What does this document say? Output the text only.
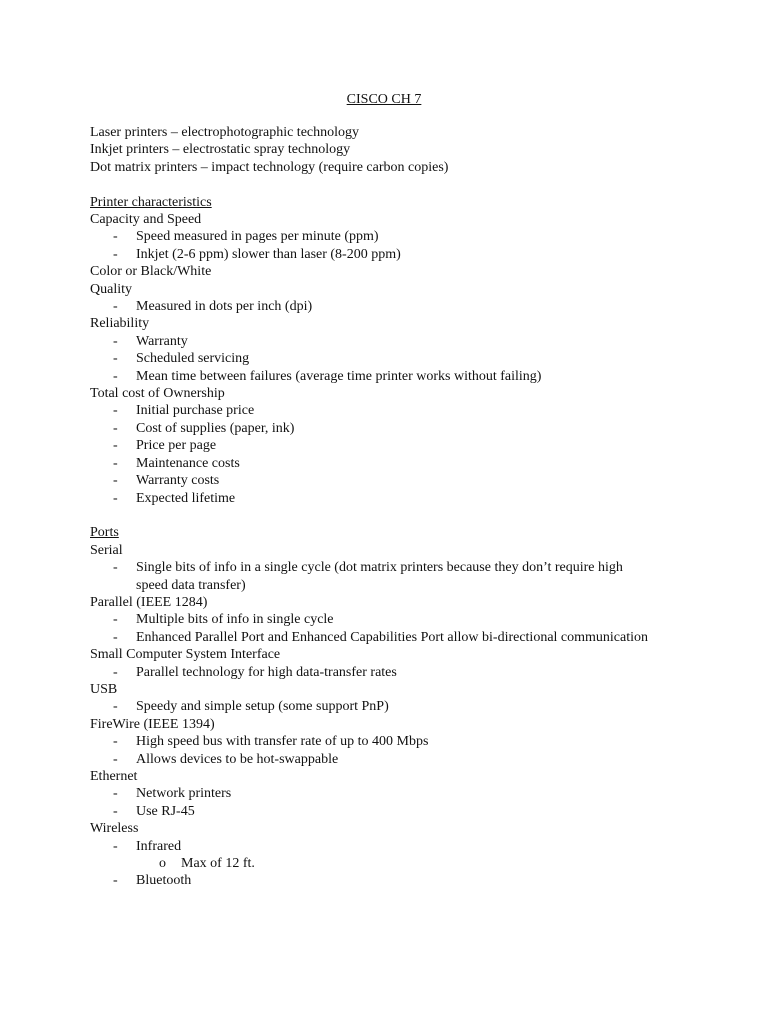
CISCO CH 7
Laser printers – electrophotographic technology
Inkjet printers – electrostatic spray technology
Dot matrix printers – impact technology (require carbon copies)
Printer characteristics
Capacity and Speed
- Speed measured in pages per minute (ppm)
- Inkjet (2-6 ppm) slower than laser (8-200 ppm)
Color or Black/White
Quality
- Measured in dots per inch (dpi)
Reliability
- Warranty
- Scheduled servicing
- Mean time between failures (average time printer works without failing)
Total cost of Ownership
- Initial purchase price
- Cost of supplies (paper, ink)
- Price per page
- Maintenance costs
- Warranty costs
- Expected lifetime
Ports
Serial
- Single bits of info in a single cycle (dot matrix printers because they don’t require high speed data transfer)
Parallel (IEEE 1284)
- Multiple bits of info in single cycle
- Enhanced Parallel Port and Enhanced Capabilities Port allow bi-directional communication
Small Computer System Interface
- Parallel technology for high data-transfer rates
USB
- Speedy and simple setup (some support PnP)
FireWire (IEEE 1394)
- High speed bus with transfer rate of up to 400 Mbps
- Allows devices to be hot-swappable
Ethernet
- Network printers
- Use RJ-45
Wireless
- Infrared
o Max of 12 ft.
- Bluetooth
